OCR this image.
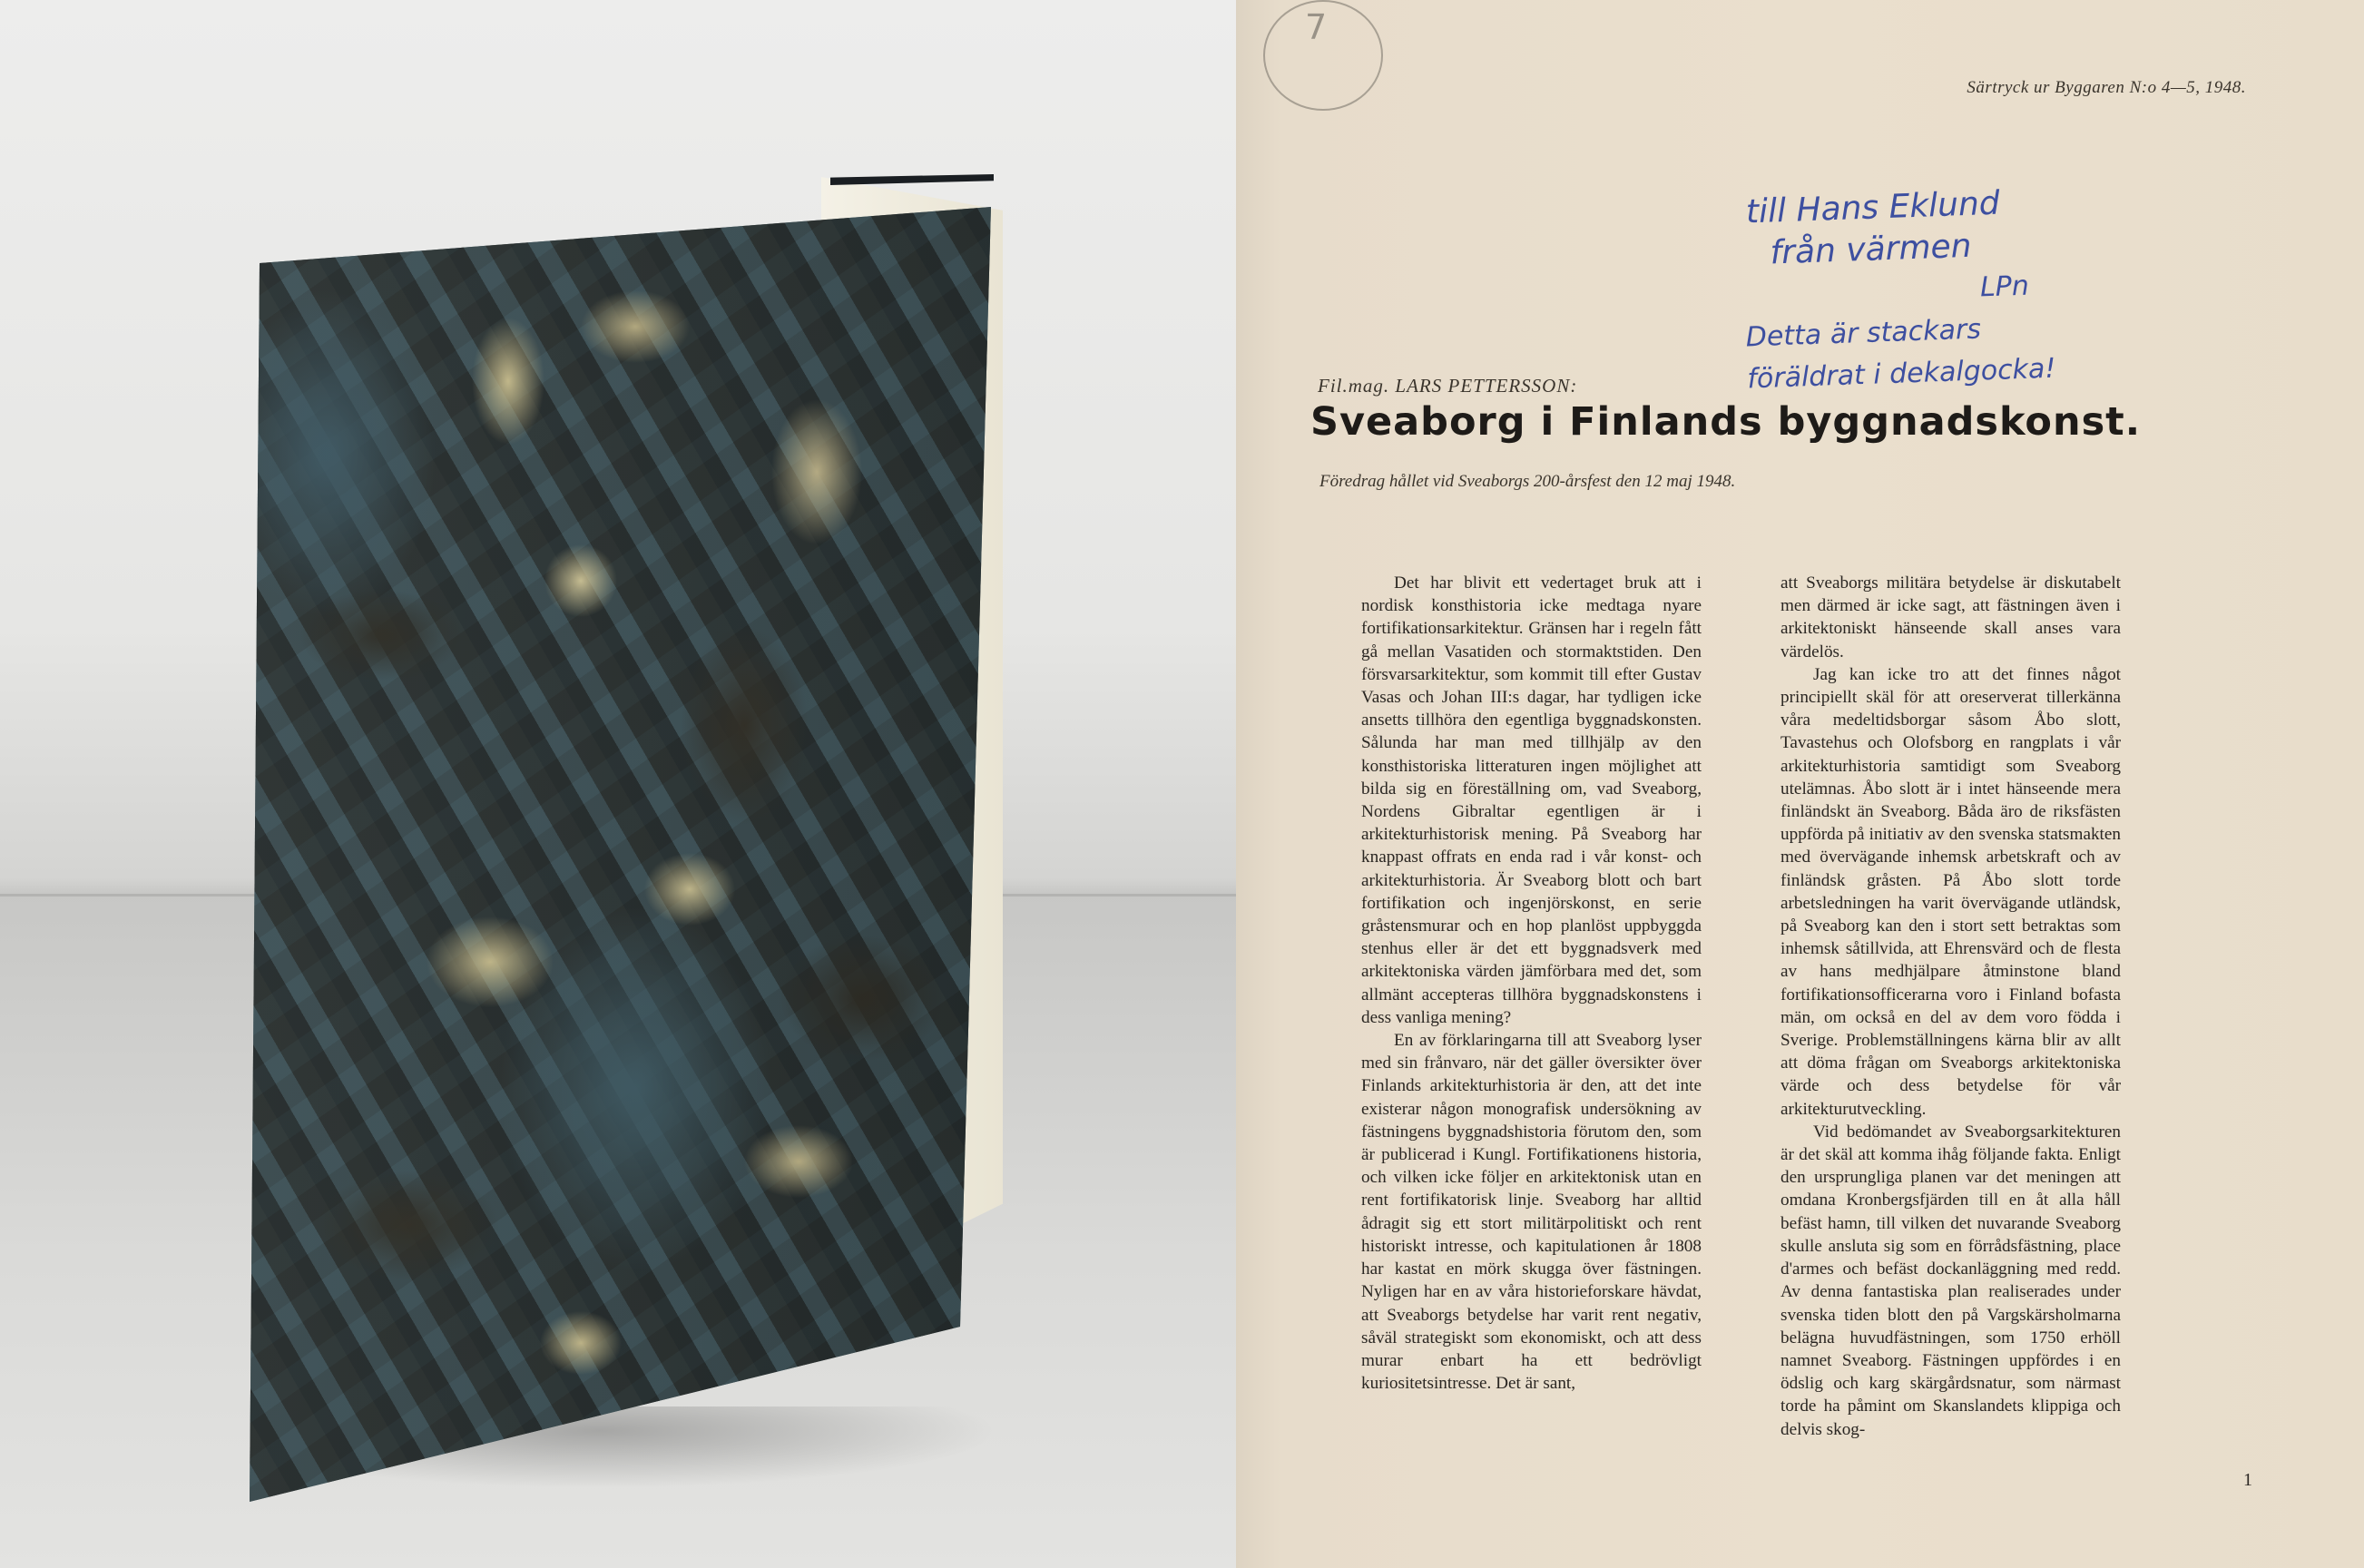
7
Särtryck ur Byggaren N:o 4—5, 1948.
till Hans Eklund
från värmen
LPn
Detta är stackars
föräldrat i dekalgocka!
Fil.mag. LARS PETTERSSON:
Sveaborg i Finlands byggnadskonst.
Föredrag hållet vid Sveaborgs 200-årsfest den 12 maj 1948.

Det har blivit ett vedertaget bruk att i nordisk konsthistoria icke medtaga nyare fortifikationsarkitektur. Gränsen har i regeln fått gå mellan Vasatiden och stormaktstiden. Den försvarsarkitektur, som kommit till efter Gustav Vasas och Johan III:s dagar, har tydligen icke ansetts tillhöra den egentliga byggnadskonsten. Sålunda har man med tillhjälp av den konsthistoriska litteraturen ingen möjlighet att bilda sig en föreställning om, vad Sveaborg, Nordens Gibraltar egentligen är i arkitekturhistorisk mening. På Sveaborg har knappast offrats en enda rad i vår konst- och arkitekturhistoria. Är Sveaborg blott och bart fortifikation och ingenjörskonst, en serie gråstensmurar och en hop planlöst uppbyggda stenhus eller är det ett byggnadsverk med arkitektoniska värden jämförbara med det, som allmänt accepteras tillhöra byggnadskonstens i dess vanliga mening?

En av förklaringarna till att Sveaborg lyser med sin frånvaro, när det gäller översikter över Finlands arkitekturhistoria är den, att det inte existerar någon monografisk undersökning av fästningens byggnadshistoria förutom den, som är publicerad i Kungl. Fortifikationens historia, och vilken icke följer en arkitektonisk utan en rent fortifikatorisk linje. Sveaborg har alltid ådragit sig ett stort militärpolitiskt och rent historiskt intresse, och kapitulationen år 1808 har kastat en mörk skugga över fästningen. Nyligen har en av våra historieforskare hävdat, att Sveaborgs betydelse har varit rent negativ, såväl strategiskt som ekonomiskt, och att dess murar enbart ha ett bedrövligt kuriositetsintresse. Det är sant,

att Sveaborgs militära betydelse är diskutabelt men därmed är icke sagt, att fästningen även i arkitektoniskt hänseende skall anses vara värdelös.

Jag kan icke tro att det finnes något principiellt skäl för att oreserverat tillerkänna våra medeltidsborgar såsom Åbo slott, Tavastehus och Olofsborg en rangplats i vår arkitekturhistoria samtidigt som Sveaborg utelämnas. Åbo slott är i intet hänseende mera finländskt än Sveaborg. Båda äro de riksfästen uppförda på initiativ av den svenska statsmakten med övervägande inhemsk arbetskraft och av finländsk gråsten. På Åbo slott torde arbetsledningen ha varit övervägande utländsk, på Sveaborg kan den i stort sett betraktas som inhemsk såtillvida, att Ehrensvärd och de flesta av hans medhjälpare åtminstone bland fortifikationsofficerarna voro i Finland bofasta män, om också en del av dem voro födda i Sverige. Problemställningens kärna blir av allt att döma frågan om Sveaborgs arkitektoniska värde och dess betydelse för vår arkitekturutveckling.

Vid bedömandet av Sveaborgsarkitekturen är det skäl att komma ihåg följande fakta. Enligt den ursprungliga planen var det meningen att omdana Kronbergsfjärden till en åt alla håll befäst hamn, till vilken det nuvarande Sveaborg skulle ansluta sig som en förrådsfästning, place d'armes och befäst dockanläggning med redd. Av denna fantastiska plan realiserades under svenska tiden blott den på Vargskärsholmarna belägna huvudfästningen, som 1750 erhöll namnet Sveaborg. Fästningen uppfördes i en ödslig och karg skärgårdsnatur, som närmast torde ha påmint om Skanslandets klippiga och delvis skog-

1
